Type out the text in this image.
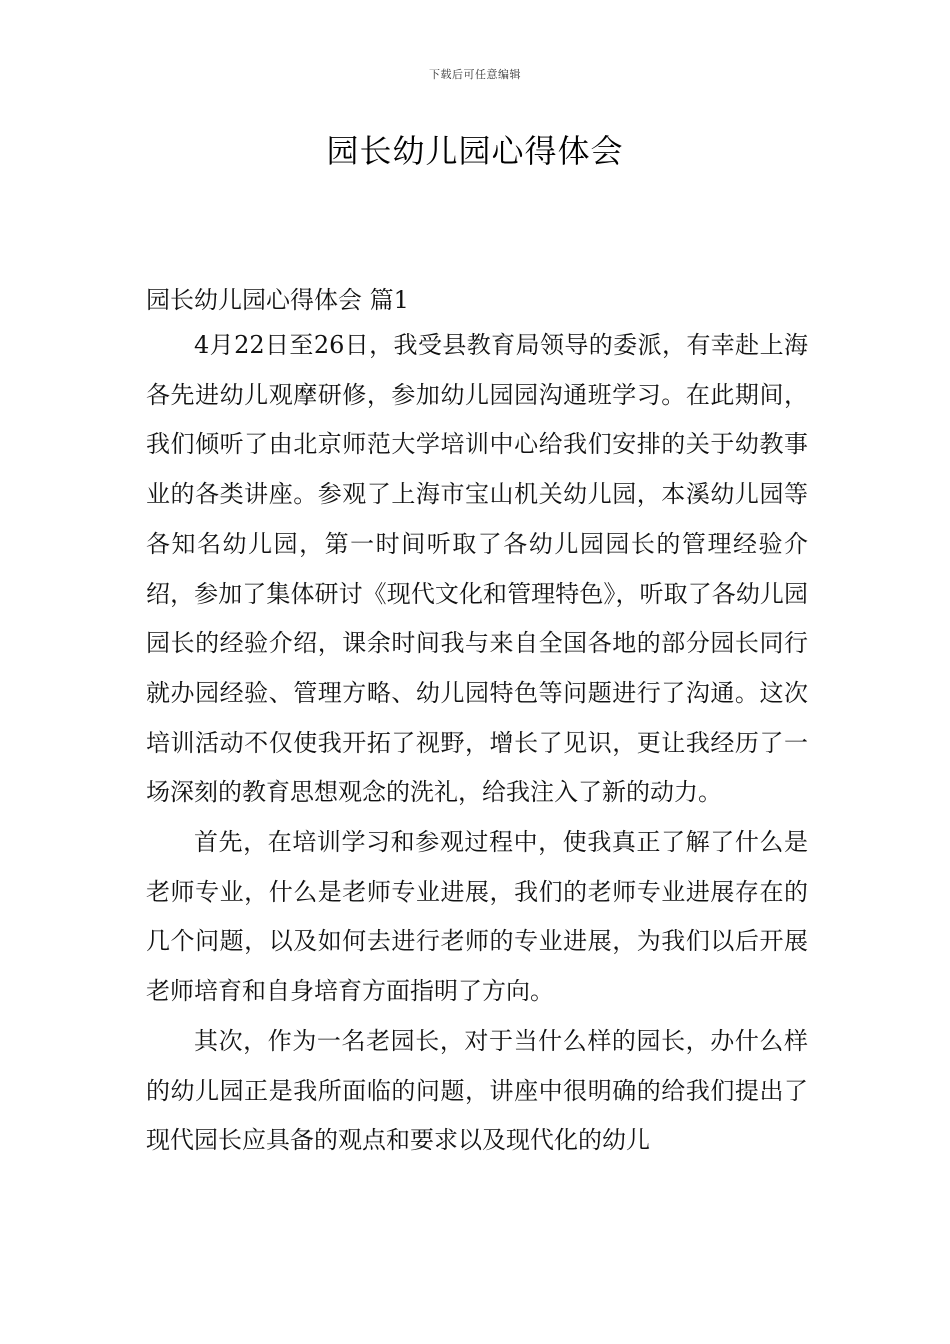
下载后可任意编辑
园长幼儿园心得体会
园长幼儿园心得体会 篇1

4月22日至26日，我受县教育局领导的委派，有幸赴上海各先进幼儿观摩研修，参加幼儿园园沟通班学习。在此期间，我们倾听了由北京师范大学培训中心给我们安排的关于幼教事业的各类讲座。参观了上海市宝山机关幼儿园，本溪幼儿园等各知名幼儿园，第一时间听取了各幼儿园园长的管理经验介绍，参加了集体研讨《现代文化和管理特色》，听取了各幼儿园园长的经验介绍，课余时间我与来自全国各地的部分园长同行就办园经验、管理方略、幼儿园特色等问题进行了沟通。这次培训活动不仅使我开拓了视野，增长了见识，更让我经历了一场深刻的教育思想观念的洗礼，给我注入了新的动力。

首先，在培训学习和参观过程中，使我真正了解了什么是老师专业，什么是老师专业进展，我们的老师专业进展存在的几个问题，以及如何去进行老师的专业进展，为我们以后开展老师培育和自身培育方面指明了方向。

其次，作为一名老园长，对于当什么样的园长，办什么样的幼儿园正是我所面临的问题，讲座中很明确的给我们提出了现代园长应具备的观点和要求以及现代化的幼儿
